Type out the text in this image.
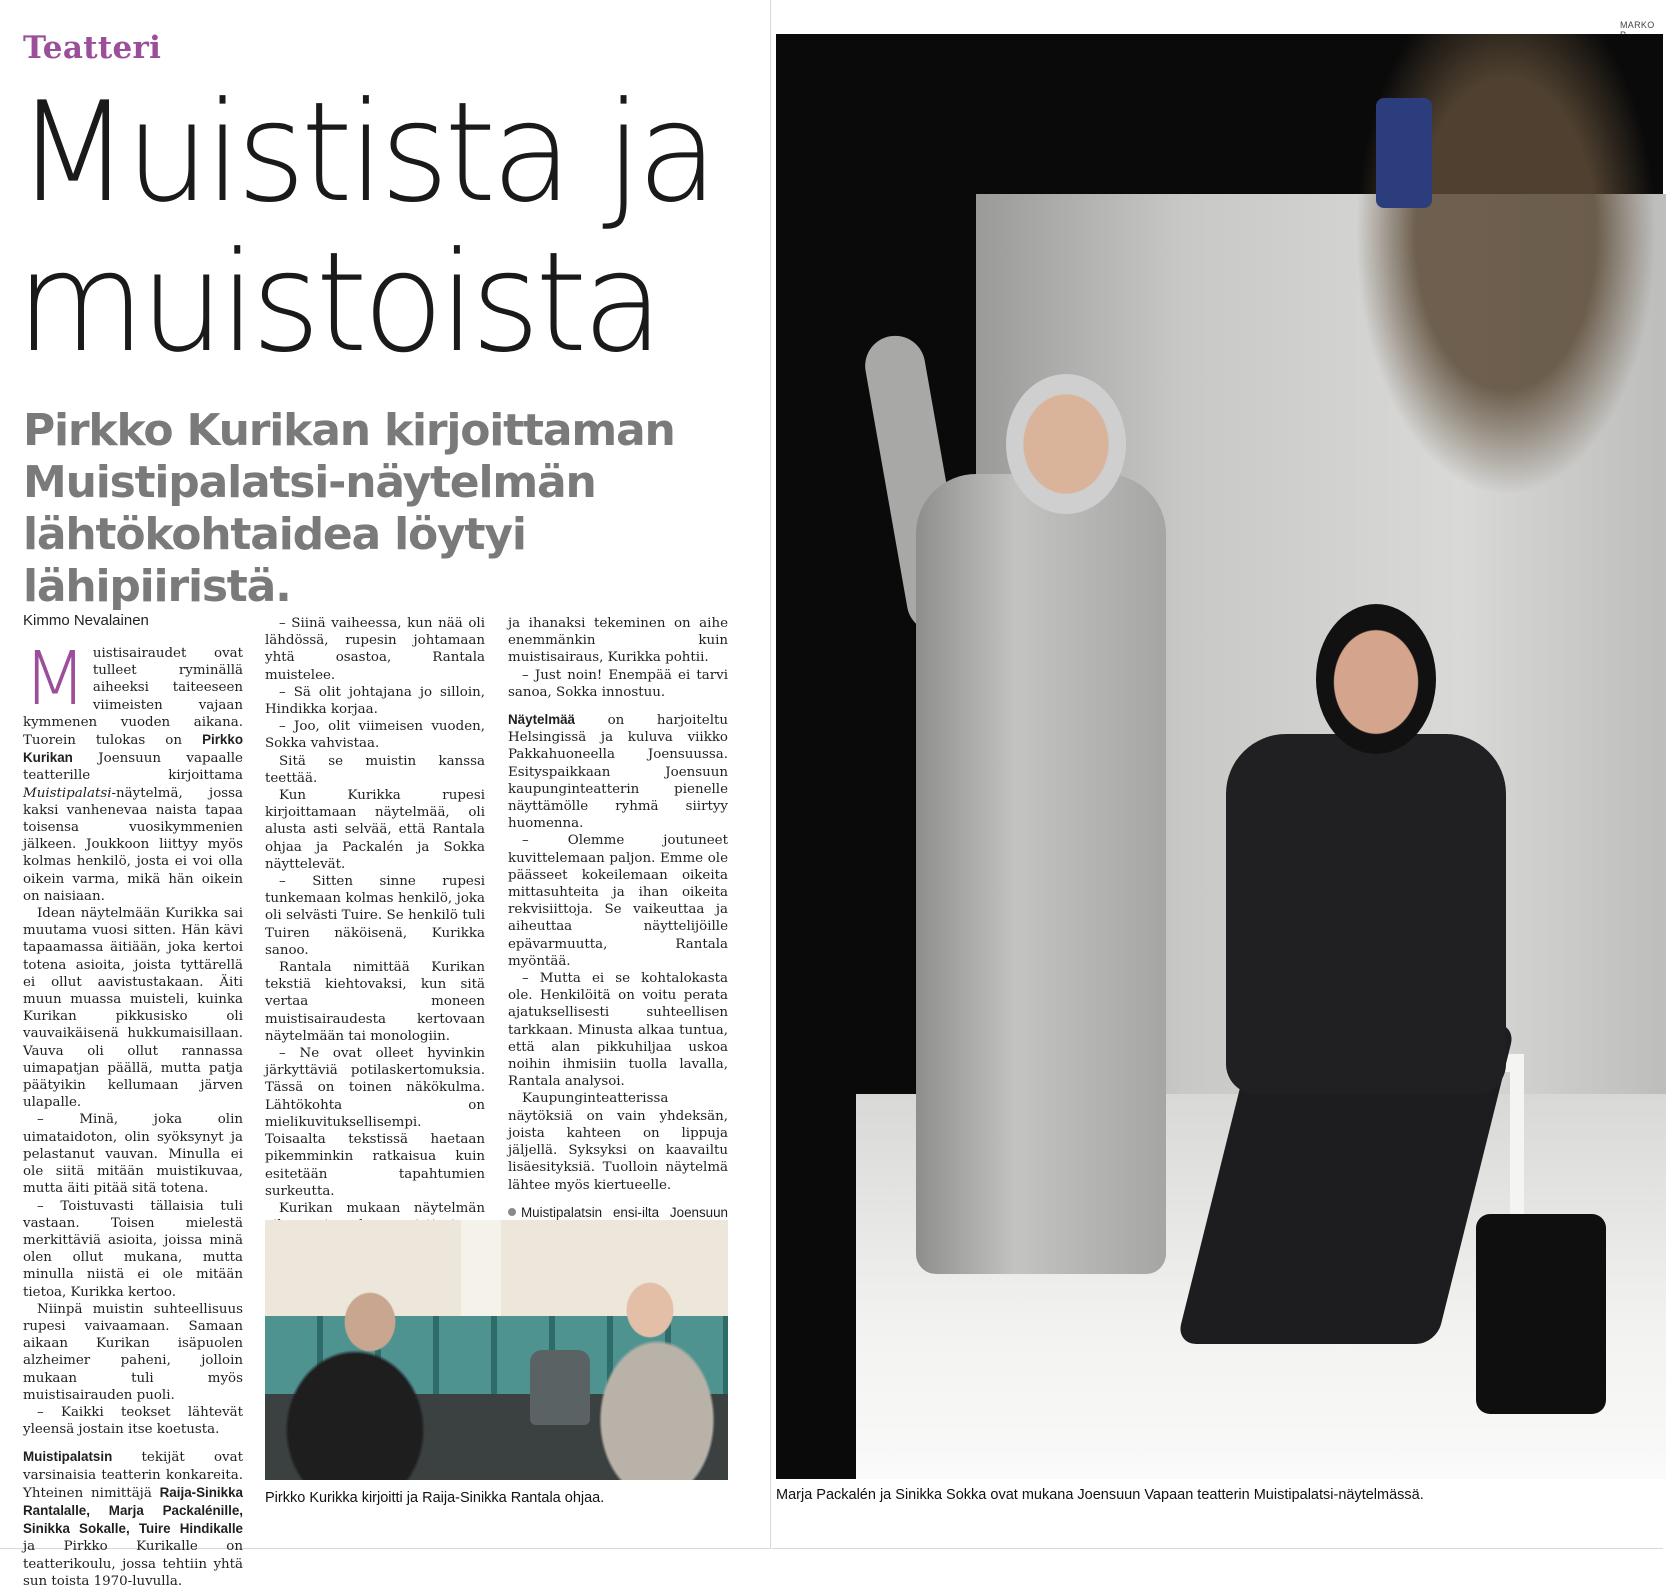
Teatteri
Muistista ja muistoista
Pirkko Kurikan kirjoittaman Muistipalatsi-näytelmän lähtökohtaidea löytyi lähipiiristä.
Kimmo Nevalainen

Muistisairaudet ovat tulleet ryminällä aiheeksi taiteeseen viimeisten vajaan kymmenen vuoden aikana. Tuorein tulokas on Pirkko Kurikan Joensuun vapaalle teatterille kirjoittama Muistipalatsi-näytelmä, jossa kaksi vanhenevaa naista tapaa toisensa vuosikymmenien jälkeen. Joukkoon liittyy myös kolmas henkilö, josta ei voi olla oikein varma, mikä hän oikein on naisiaan.

Idean näytelmään Kurikka sai muutama vuosi sitten. Hän kävi tapaamassa äitiään, joka kertoi totena asioita, joista tyttärellä ei ollut aavistustakaan. Äiti muun muassa muisteli, kuinka Kurikan pikkusisko oli vauvaikäisenä hukkumaisillaan. Vauva oli ollut rannassa uimapatjan päällä, mutta patja päätyikin kellumaan järven ulapalle.

– Minä, joka olin uimataidoton, olin syöksynyt ja pelastanut vauvan. Minulla ei ole siitä mitään muistikuvaa, mutta äiti pitää sitä totena.

– Toistuvasti tällaisia tuli vastaan. Toisen mielestä merkittäviä asioita, joissa minä olen ollut mukana, mutta minulla niistä ei ole mitään tietoa, Kurikka kertoo.

Niinpä muistin suhteellisuus rupesi vaivaamaan. Samaan aikaan Kurikan isäpuolen alzheimer paheni, jolloin mukaan tuli myös muistisairauden puoli.

– Kaikki teokset lähtevät yleensä jostain itse koetusta.

Muistipalatsin tekijät ovat varsinaisia teatterin konkareita. Yhteinen nimittäjä Raija-Sinikka Rantalalle, Marja Packalénille, Sinikka Sokalle, Tuire Hindikalle ja Pirkko Kurikalle on teatterikoulu, jossa tehtiin yhtä sun toista 1970-luvulla.

– Siinä vaiheessa, kun nää oli lähdössä, rupesin johtamaan yhtä osastoa, Rantala muistelee.

– Sä olit johtajana jo silloin, Hindikka korjaa.

– Joo, olit viimeisen vuoden, Sokka vahvistaa.

Sitä se muistin kanssa teettää.

Kun Kurikka rupesi kirjoittamaan näytelmää, oli alusta asti selvää, että Rantala ohjaa ja Packalén ja Sokka näyttelevät.

– Sitten sinne rupesi tunkemaan kolmas henkilö, joka oli selvästi Tuire. Se henkilö tuli Tuiren näköisenä, Kurikka sanoo.

Rantala nimittää Kurikan tekstiä kiehtovaksi, kun sitä vertaa moneen muistisairaudesta kertovaan näytelmään tai monologiin.

– Ne ovat olleet hyvinkin järkyttäviä potilaskertomuksia. Tässä on toinen näkökulma. Lähtökohta on mielikuvituksellisempi. Toisaalta tekstissä haetaan pikemminkin ratkaisua kuin esitetään tapahtumien surkeutta.

Kurikan mukaan näytelmän

ja ihanaksi tekeminen on aihe enemmänkin kuin muistisairaus, Kurikka pohtii.

– Just noin! Enempää ei tarvi sanoa, Sokka innostuu.

Näytelmää on harjoiteltu Helsingissä ja kuluva viikko Pakkahuoneella Joensuussa. Esityspaikkaan Joensuun kaupunginteatterin pienelle näyttämölle ryhmä siirtyy huomenna.

– Olemme joutuneet kuvittelemaan paljon. Emme ole päässeet kokeilemaan oikeita mittasuhteita ja ihan oikeita rekvisiittoja. Se vaikeuttaa ja aiheuttaa näyttelijöille epävarmuutta, Rantala myöntää.

– Mutta ei se kohtalokasta ole. Henkilöitä on voitu perata ajatuksellisesti suhteellisen tarkkaan. Minusta alkaa tuntua, että alan pikkuhiljaa uskoa noihin ihmisiin tuolla lavalla, Rantala analysoi.

Kaupunginteatterissa näytöksiä on vain yhdeksän, joista kahteen on lippuja jäljellä. Syksyksi on kaavailtu lisäesityksiä. Tuolloin näytelmä lähtee myös kiertueelle.

Muistipalatsin ensi-ilta Joensuun

Pirkko Kurikka kirjoitti ja Raija-Sinikka Rantala ohjaa.
MARKO
Marja Packalén ja Sinikka Sokka ovat mukana Joensuun Vapaan teatterin Muistipalatsi-näytelmässä.
